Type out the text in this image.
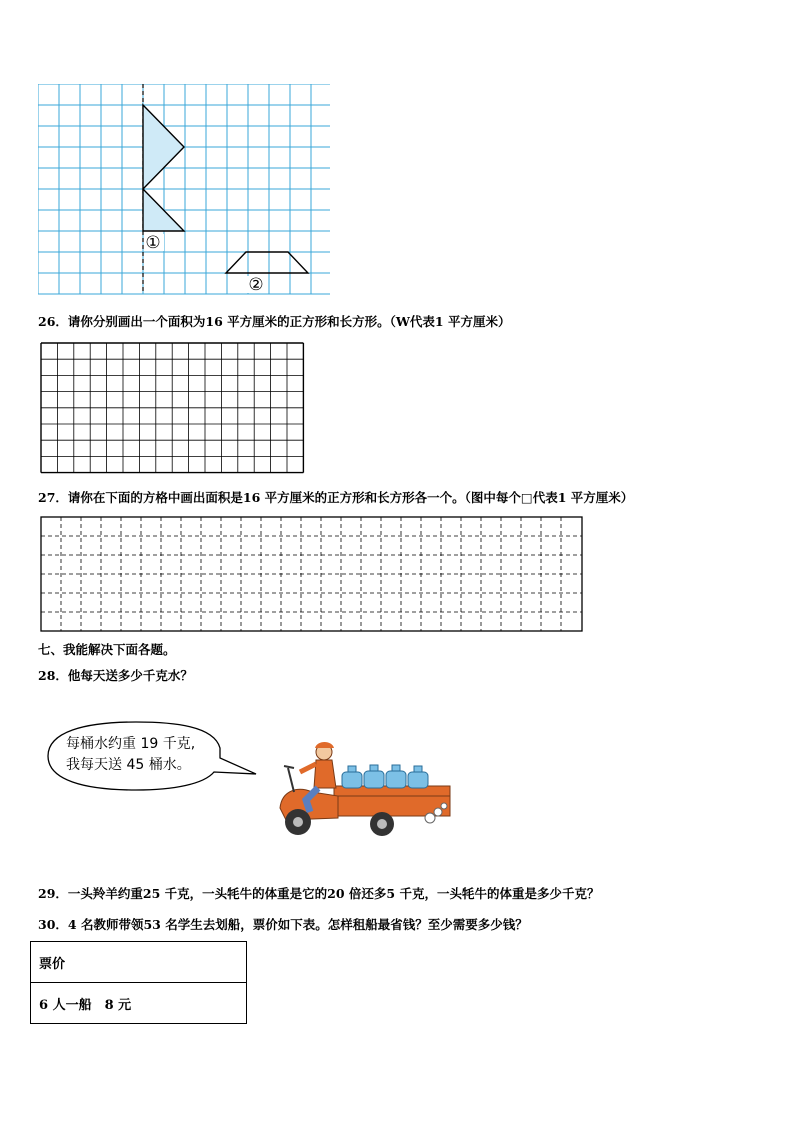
①
②
26．请你分别画出一个面积为16 平方厘米的正方形和长方形。（W代表1 平方厘米）
27．请你在下面的方格中画出面积是16 平方厘米的正方形和长方形各一个。（图中每个□代表1 平方厘米）
七、我能解决下面各题。
28．他每天送多少千克水？
每桶水约重 19 千克,
我每天送 45 桶水。
29．一头羚羊约重25 千克，一头牦牛的体重是它的20 倍还多5 千克，一头牦牛的体重是多少千克？
30．4 名教师带领53 名学生去划船，票价如下表。怎样租船最省钱？至少需要多少钱？
票价
6 人一船　8 元
